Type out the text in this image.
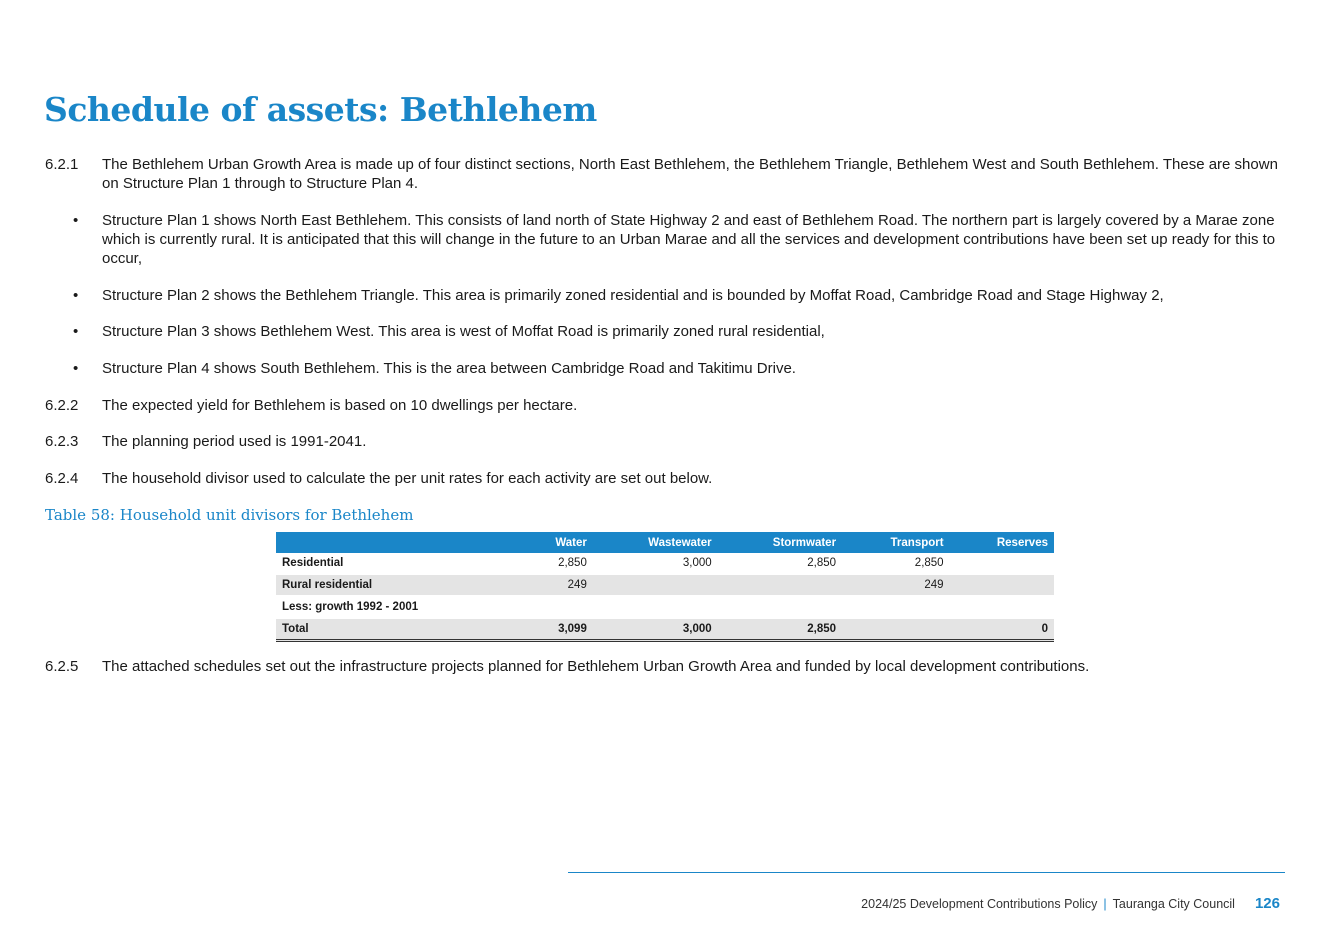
Schedule of assets: Bethlehem
6.2.1 The Bethlehem Urban Growth Area is made up of four distinct sections, North East Bethlehem, the Bethlehem Triangle, Bethlehem West and South Bethlehem. These are shown on Structure Plan 1 through to Structure Plan 4.
• Structure Plan 1 shows North East Bethlehem. This consists of land north of State Highway 2 and east of Bethlehem Road. The northern part is largely covered by a Marae zone which is currently rural. It is anticipated that this will change in the future to an Urban Marae and all the services and development contributions have been set up ready for this to occur,
• Structure Plan 2 shows the Bethlehem Triangle. This area is primarily zoned residential and is bounded by Moffat Road, Cambridge Road and Stage Highway 2,
• Structure Plan 3 shows Bethlehem West. This area is west of Moffat Road is primarily zoned rural residential,
• Structure Plan 4 shows South Bethlehem. This is the area between Cambridge Road and Takitimu Drive.
6.2.2 The expected yield for Bethlehem is based on 10 dwellings per hectare.
6.2.3 The planning period used is 1991-2041.
6.2.4 The household divisor used to calculate the per unit rates for each activity are set out below.

Table 58: Household unit divisors for Bethlehem

	Water	Wastewater	Stormwater	Transport	Reserves
Residential	2,850	3,000	2,850	2,850	
Rural residential	249			249	
Less: growth 1992 - 2001					
Total	3,099	3,000	2,850		0
6.2.5 The attached schedules set out the infrastructure projects planned for Bethlehem Urban Growth Area and funded by local development contributions.
2024/25 Development Contributions Policy | Tauranga City Council 126
